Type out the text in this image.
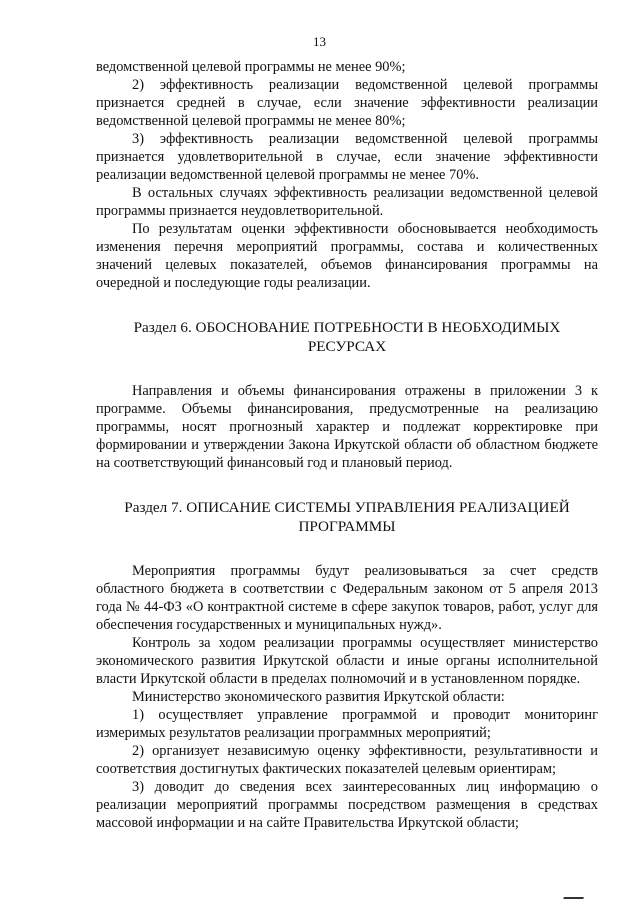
13

ведомственной целевой программы не менее 90%;

2) эффективность реализации ведомственной целевой программы признается средней в случае, если значение эффективности реализации ведомственной целевой программы не менее 80%;

3) эффективность реализации ведомственной целевой программы признается удовлетворительной в случае, если значение эффективности реализации ведомственной целевой программы не менее 70%.

В остальных случаях эффективность реализации ведомственной целевой программы признается неудовлетворительной.

По результатам оценки эффективности обосновывается необходимость изменения перечня мероприятий программы, состава и количественных значений целевых показателей, объемов финансирования программы на очередной и последующие годы реализации.

Раздел 6. ОБОСНОВАНИЕ ПОТРЕБНОСТИ В НЕОБХОДИМЫХ
РЕСУРСАХ

Направления и объемы финансирования отражены в приложении 3 к программе. Объемы финансирования, предусмотренные на реализацию программы, носят прогнозный характер и подлежат корректировке при формировании и утверждении Закона Иркутской области об областном бюджете на соответствующий финансовый год и плановый период.

Раздел 7. ОПИСАНИЕ СИСТЕМЫ УПРАВЛЕНИЯ РЕАЛИЗАЦИЕЙ
ПРОГРАММЫ

Мероприятия программы будут реализовываться за счет средств областного бюджета в соответствии с Федеральным законом от 5 апреля 2013 года № 44-ФЗ «О контрактной системе в сфере закупок товаров, работ, услуг для обеспечения государственных и муниципальных нужд».

Контроль за ходом реализации программы осуществляет министерство экономического развития Иркутской области и иные органы исполнительной власти Иркутской области в пределах полномочий и в установленном порядке.

Министерство экономического развития Иркутской области:

1) осуществляет управление программой и проводит мониторинг измеримых результатов реализации программных мероприятий;

2) организует независимую оценку эффективности, результативности и соответствия достигнутых фактических показателей целевым ориентирам;

3) доводит до сведения всех заинтересованных лиц информацию о реализации мероприятий программы посредством размещения в средствах массовой информации и на сайте Правительства Иркутской области;
